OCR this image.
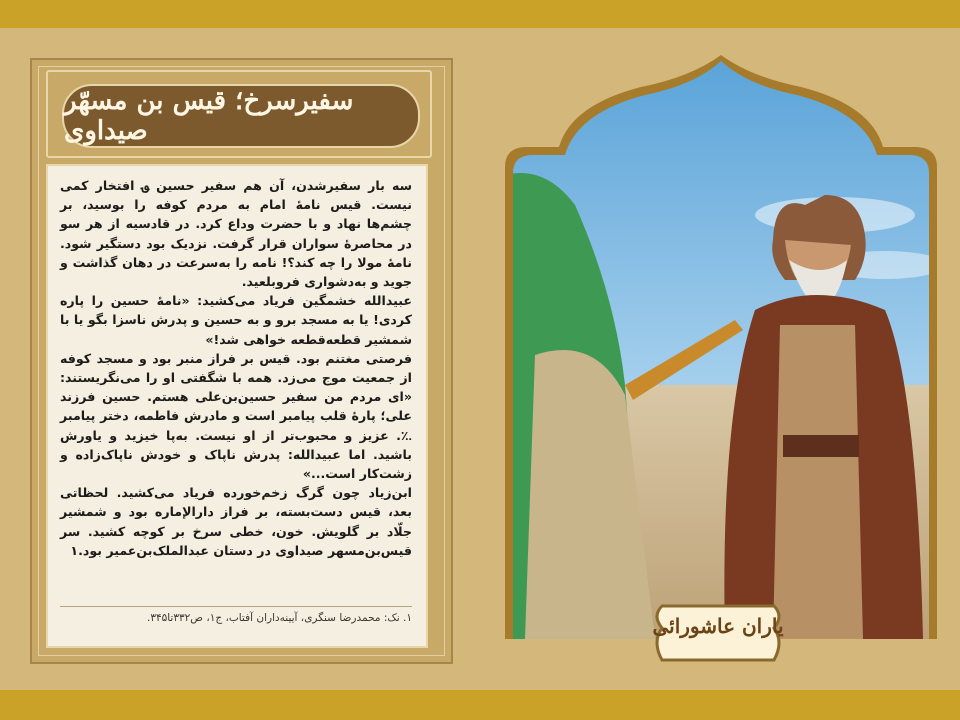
سفیرسرخ؛ قیس بن مسهّر صیداوی

سه بار سفیرشدن، آن هم سفیر حسین ؈ افتخار کمی نیست. قیس نامهٔ امام به مردم کوفه را بوسید، بر چشم‌ها نهاد و با حضرت وداع کرد. در قادسیه از هر سو در محاصرهٔ سواران قرار گرفت. نزدیک بود دستگیر شود. نامهٔ مولا را چه کند؟! نامه را به‌سرعت در دهان گذاشت و جوید و به‌دشواری فروبلعید.

عبیدالله خشمگین فریاد می‌کشید: «نامهٔ حسین را پاره کردی! یا به مسجد برو و به حسین و پدرش ناسزا بگو یا با شمشیر قطعه‌قطعه خواهی شد!»

فرصتی مغتنم بود. قیس بر فراز منبر بود و مسجد کوفه از جمعیت موج می‌زد. همه با شگفتی او را می‌نگریستند: «ای مردم من سفیر حسین‌بن‌علی هستم. حسین فرزند علی؛ پارهٔ قلب پیامبر است و مادرش فاطمه، دختر پیامبر ؉. عزیز و محبوب‌تر از او نیست. به‌پا خیزید و یاورش باشید. اما عبیدالله: پدرش ناپاک و خودش ناپاک‌زاده و زشت‌کار است...»

ابن‌زیاد چون گرگ زخم‌خورده فریاد می‌کشید. لحظاتی بعد، قیس دست‌بسته، بر فراز دارالإماره بود و شمشیر جلّاد بر گلویش. خون، خطی سرخ بر کوچه کشید. سر قیس‌بن‌مسهر صیداوی در دستان عبدالملک‌بن‌عمیر بود.۱

۱. نک: محمدرضا سنگری، آیینه‌داران آفتاب، ج۱، ص۳۳۲تا۳۴۵.	یاران عاشورائی
